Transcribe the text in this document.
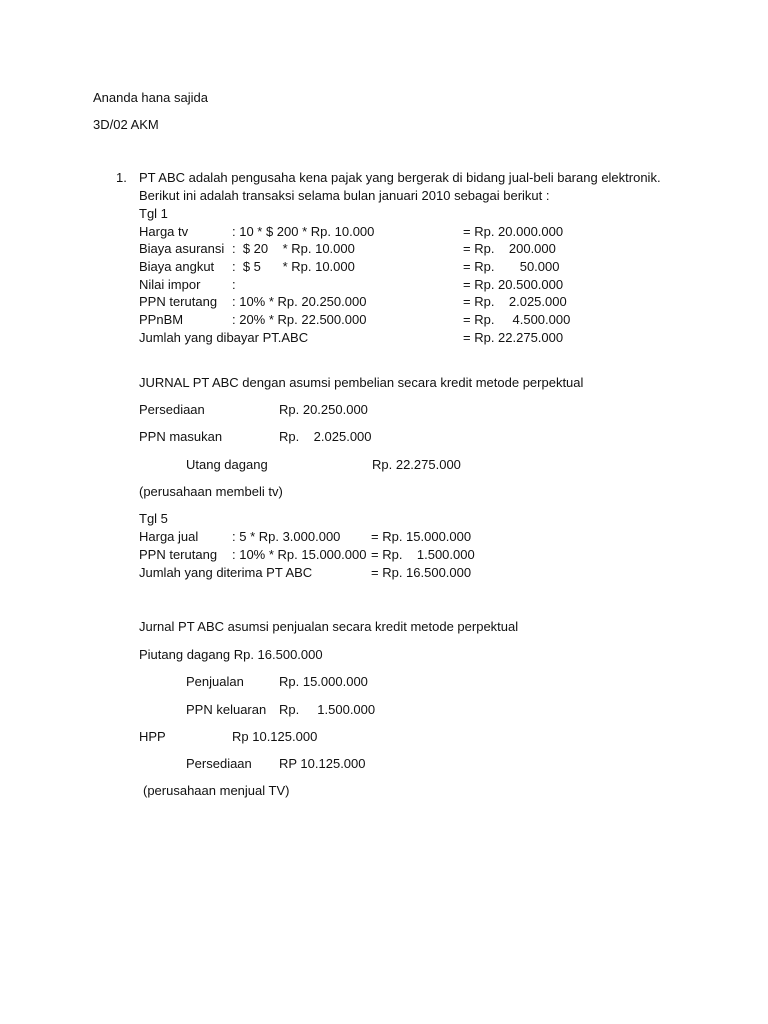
Ananda hana sajida
3D/02 AKM
1. PT ABC adalah pengusaha kena pajak yang bergerak di bidang jual-beli barang elektronik.
Berikut ini adalah transaksi selama bulan januari 2010 sebagai berikut :
Tgl 1
Harga tv	: 10 * $ 200 * Rp. 10.000	= Rp. 20.000.000
Biaya asuransi :  $ 20    * Rp. 10.000	= Rp.    200.000
Biaya angkut :  $ 5      * Rp. 10.000	= Rp.       50.000
Nilai impor :	= Rp. 20.500.000
PPN terutang : 10% * Rp. 20.250.000	= Rp.    2.025.000
PPnBM	: 20% * Rp. 22.500.000	= Rp.     4.500.000
Jumlah yang dibayar PT.ABC	= Rp. 22.275.000
JURNAL PT ABC dengan asumsi pembelian secara kredit metode perpektual
Persediaan	Rp. 20.250.000
PPN masukan	Rp.    2.025.000
Utang dagang	Rp. 22.275.000
(perusahaan membeli tv)
Tgl 5
Harga jual	: 5 * Rp. 3.000.000 = Rp. 15.000.000
PPN terutang : 10% * Rp. 15.000.000 = Rp.    1.500.000
Jumlah yang diterima PT ABC	= Rp. 16.500.000
Jurnal PT ABC asumsi penjualan secara kredit metode perpektual
Piutang dagang Rp. 16.500.000
Penjualan	Rp. 15.000.000
PPN keluaran Rp.     1.500.000
HPP	Rp 10.125.000
Persediaan RP 10.125.000
(perusahaan menjual TV)
